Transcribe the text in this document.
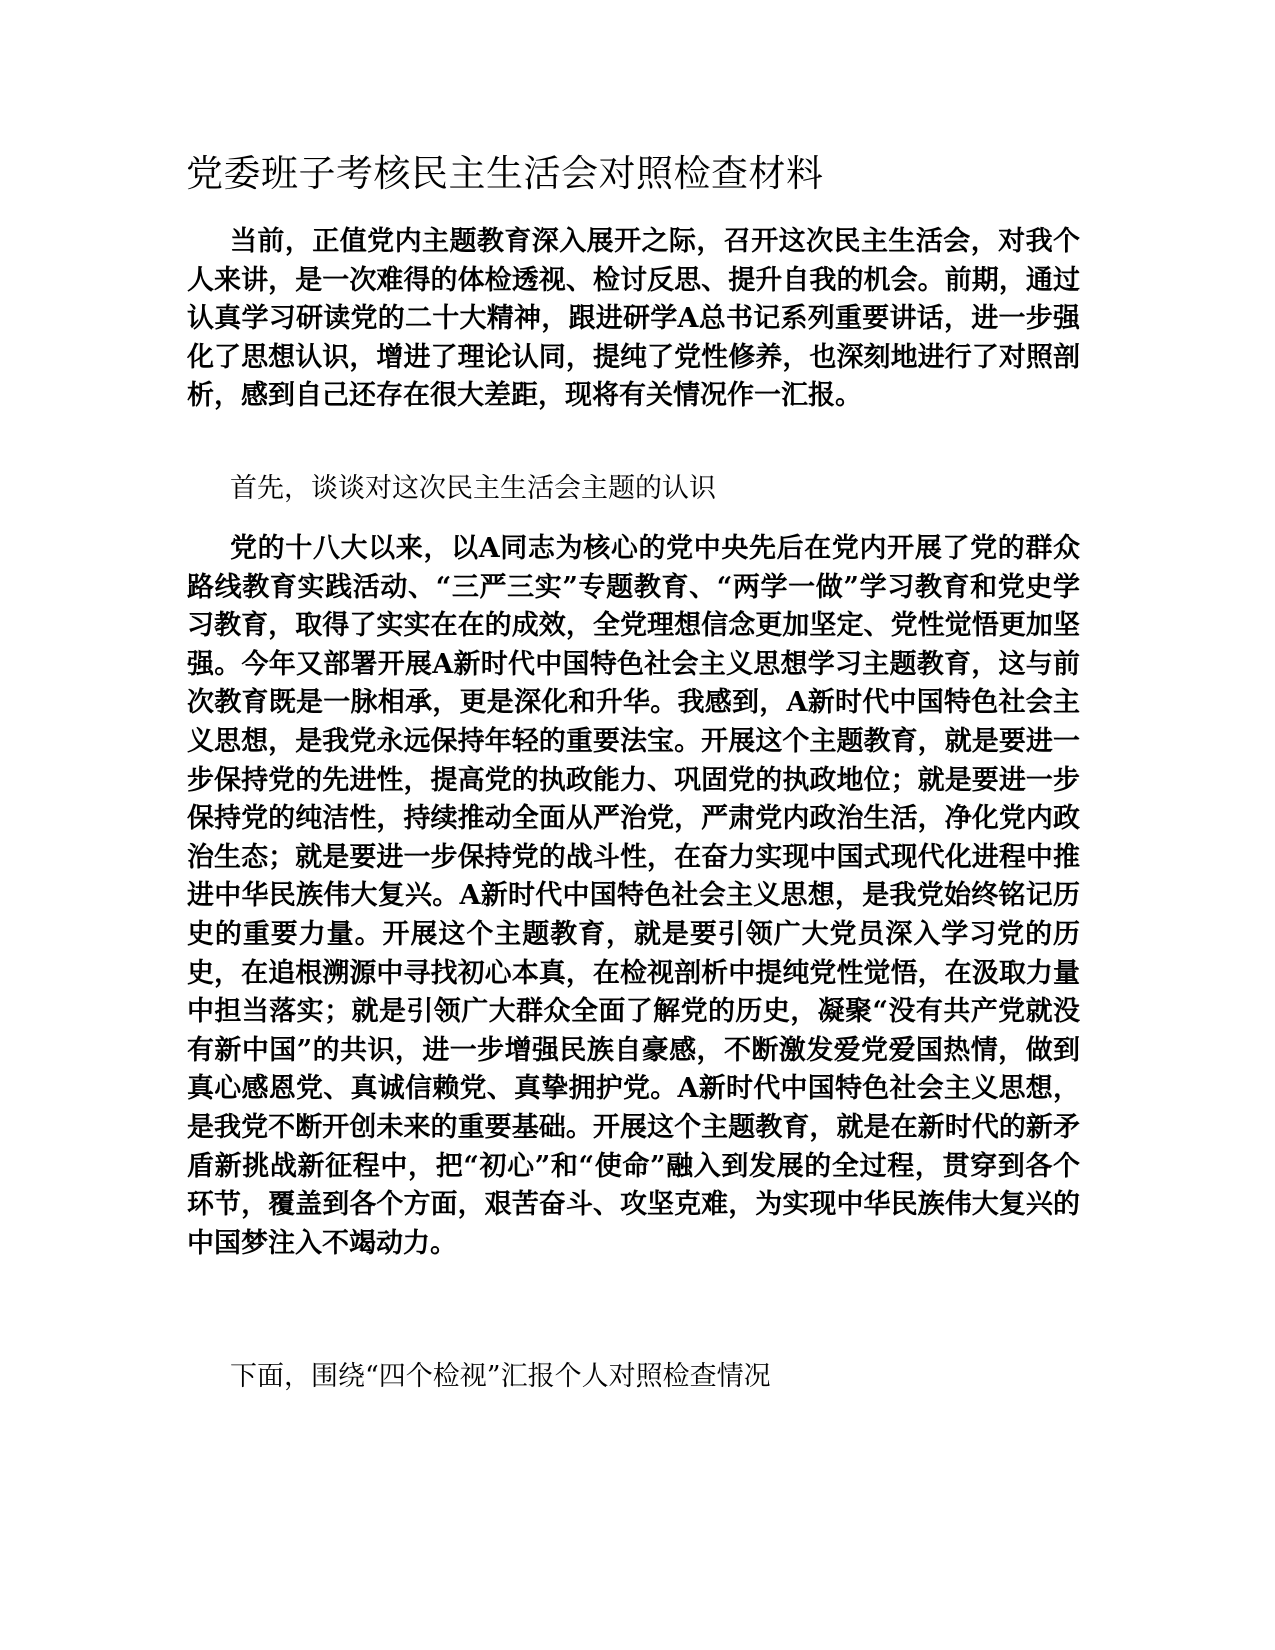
党委班子考核民主生活会对照检查材料

当前，正值党内主题教育深入展开之际，召开这次民主生活会，对我个人来讲，是一次难得的体检透视、检讨反思、提升自我的机会。前期，通过认真学习研读党的二十大精神，跟进研学A总书记系列重要讲话，进一步强化了思想认识，增进了理论认同，提纯了党性修养，也深刻地进行了对照剖析，感到自己还存在很大差距，现将有关情况作一汇报。

首先，谈谈对这次民主生活会主题的认识

党的十八大以来，以A同志为核心的党中央先后在党内开展了党的群众路线教育实践活动、“三严三实”专题教育、“两学一做”学习教育和党史学习教育，取得了实实在在的成效，全党理想信念更加坚定、党性觉悟更加坚强。今年又部署开展A新时代中国特色社会主义思想学习主题教育，这与前次教育既是一脉相承，更是深化和升华。我感到，A新时代中国特色社会主义思想，是我党永远保持年轻的重要法宝。开展这个主题教育，就是要进一步保持党的先进性，提高党的执政能力、巩固党的执政地位；就是要进一步保持党的纯洁性，持续推动全面从严治党，严肃党内政治生活，净化党内政治生态；就是要进一步保持党的战斗性，在奋力实现中国式现代化进程中推进中华民族伟大复兴。A新时代中国特色社会主义思想，是我党始终铭记历史的重要力量。开展这个主题教育，就是要引领广大党员深入学习党的历史，在追根溯源中寻找初心本真，在检视剖析中提纯党性觉悟，在汲取力量中担当落实；就是引领广大群众全面了解党的历史，凝聚“没有共产党就没有新中国”的共识，进一步增强民族自豪感，不断激发爱党爱国热情，做到真心感恩党、真诚信赖党、真挚拥护党。A新时代中国特色社会主义思想，是我党不断开创未来的重要基础。开展这个主题教育，就是在新时代的新矛盾新挑战新征程中，把“初心”和“使命”融入到发展的全过程，贯穿到各个环节，覆盖到各个方面，艰苦奋斗、攻坚克难，为实现中华民族伟大复兴的中国梦注入不竭动力。

下面，围绕“四个检视”汇报个人对照检查情况
